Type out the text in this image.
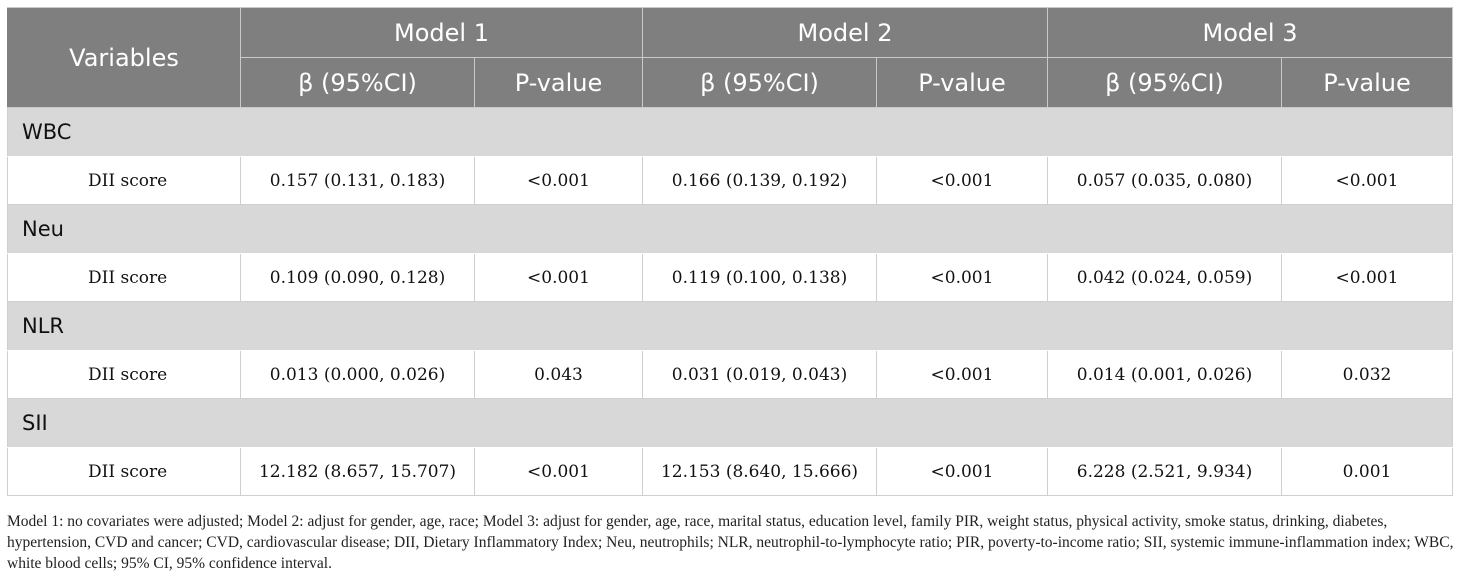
Variables	Model 1		Model 2		Model 3	
	β (95%CI)	P-value	β (95%CI)	P-value	β (95%CI)	P-value
WBC						
DII score	0.157 (0.131, 0.183)	<0.001	0.166 (0.139, 0.192)	<0.001	0.057 (0.035, 0.080)	<0.001
Neu						
DII score	0.109 (0.090, 0.128)	<0.001	0.119 (0.100, 0.138)	<0.001	0.042 (0.024, 0.059)	<0.001
NLR						
DII score	0.013 (0.000, 0.026)	0.043	0.031 (0.019, 0.043)	<0.001	0.014 (0.001, 0.026)	0.032
SII						
DII score	12.182 (8.657, 15.707)	<0.001	12.153 (8.640, 15.666)	<0.001	6.228 (2.521, 9.934)	0.001
Model 1: no covariates were adjusted; Model 2: adjust for gender, age, race; Model 3: adjust for gender, age, race, marital status, education level, family PIR, weight status, physical activity, smoke status, drinking, diabetes, hypertension, CVD and cancer; CVD, cardiovascular disease; DII, Dietary Inflammatory Index; Neu, neutrophils; NLR, neutrophil-to-lymphocyte ratio; PIR, poverty-to-income ratio; SII, systemic immune-inflammation index; WBC, white blood cells; 95% CI, 95% confidence interval.
